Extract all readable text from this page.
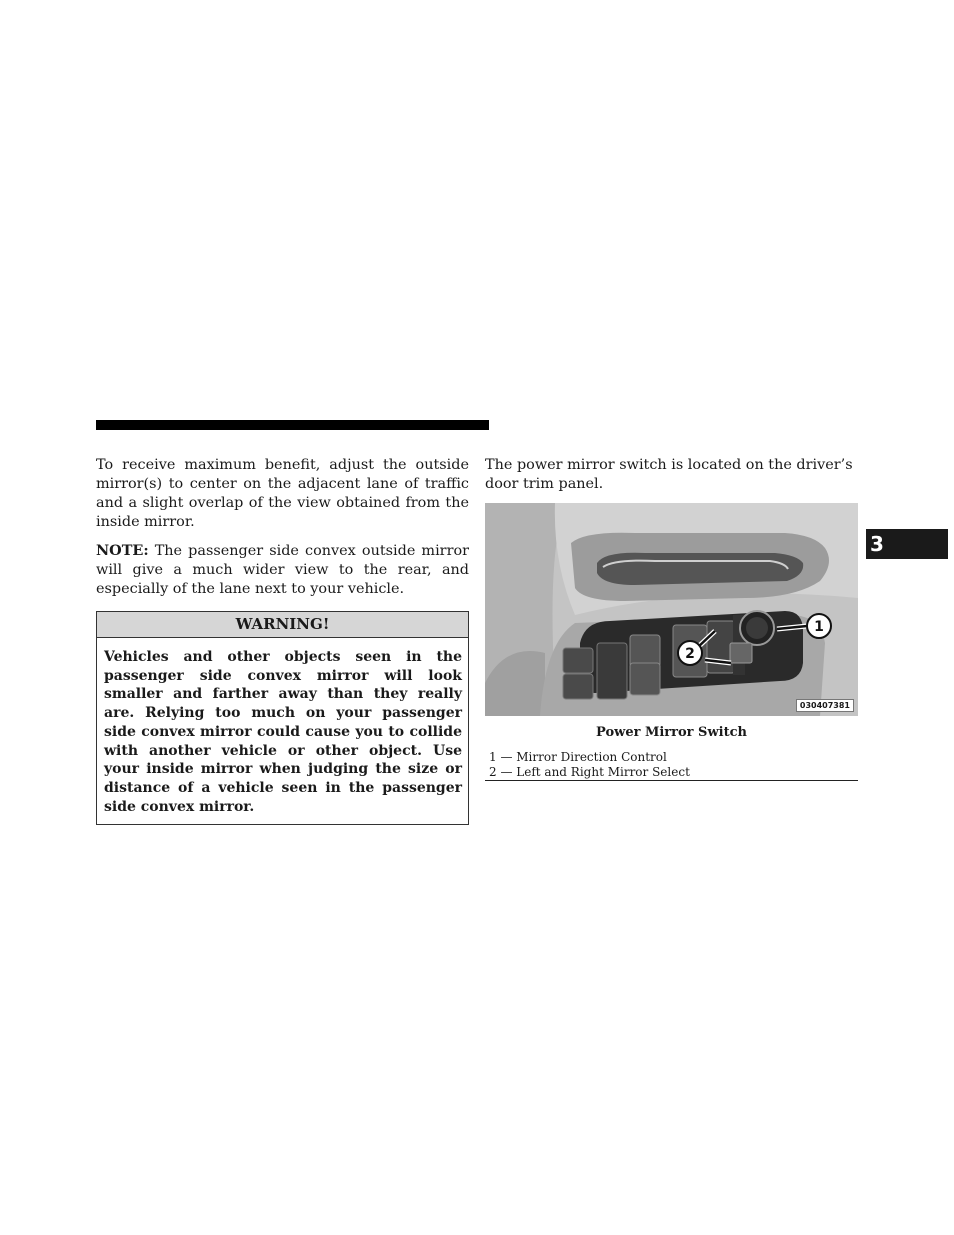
To receive maximum benefit, adjust the outside mirror(s) to center on the adjacent lane of traffic and a slight overlap of the view obtained from the inside mirror.

NOTE: The passenger side convex outside mirror will give a much wider view to the rear, and especially of the lane next to your vehicle.

WARNING!
Vehicles and other objects seen in the passenger side convex mirror will look smaller and farther away than they really are. Relying too much on your passenger side convex mirror could cause you to collide with another vehicle or other object. Use your inside mirror when judging the size or distance of a vehicle seen in the passenger side convex mirror.

The power mirror switch is located on the driver’s door trim panel.

1
2
030407381
Power Mirror Switch
1 — Mirror Direction Control
2 — Left and Right Mirror Select
3
